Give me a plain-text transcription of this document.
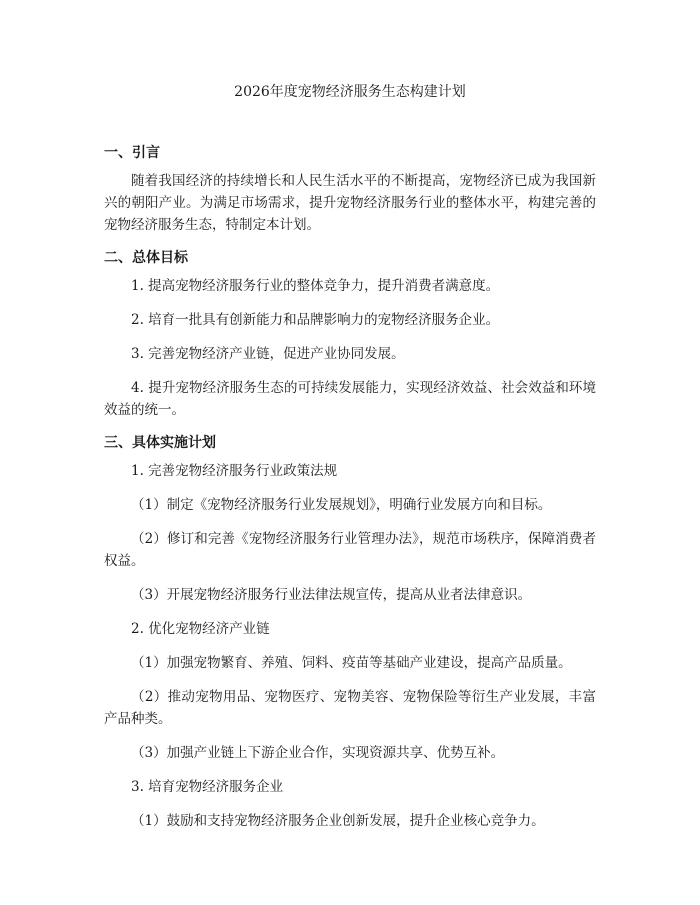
2026年度宠物经济服务生态构建计划
一、引言

随着我国经济的持续增长和人民生活水平的不断提高，宠物经济已成为我国新兴的朝阳产业。为满足市场需求，提升宠物经济服务行业的整体水平，构建完善的宠物经济服务生态，特制定本计划。

二、总体目标

1. 提高宠物经济服务行业的整体竞争力，提升消费者满意度。

2. 培育一批具有创新能力和品牌影响力的宠物经济服务企业。

3. 完善宠物经济产业链，促进产业协同发展。

4. 提升宠物经济服务生态的可持续发展能力，实现经济效益、社会效益和环境效益的统一。

三、具体实施计划

1. 完善宠物经济服务行业政策法规

（1）制定《宠物经济服务行业发展规划》，明确行业发展方向和目标。

（2）修订和完善《宠物经济服务行业管理办法》，规范市场秩序，保障消费者权益。

（3）开展宠物经济服务行业法律法规宣传，提高从业者法律意识。

2. 优化宠物经济产业链

（1）加强宠物繁育、养殖、饲料、疫苗等基础产业建设，提高产品质量。

（2）推动宠物用品、宠物医疗、宠物美容、宠物保险等衍生产业发展，丰富产品种类。

（3）加强产业链上下游企业合作，实现资源共享、优势互补。

3. 培育宠物经济服务企业

（1）鼓励和支持宠物经济服务企业创新发展，提升企业核心竞争力。
